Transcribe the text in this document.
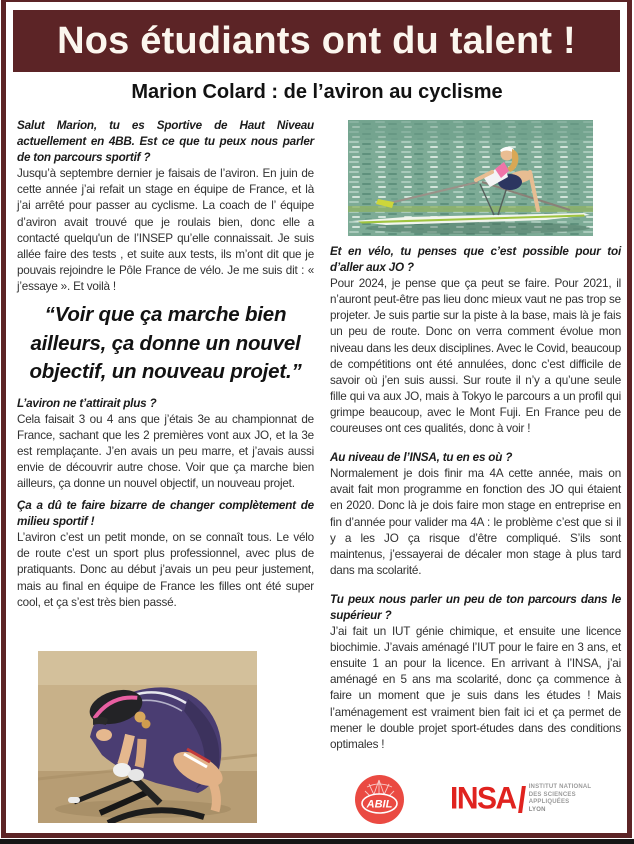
Nos étudiants ont du talent !
Marion Colard : de l’aviron au cyclisme

Salut Marion, tu es Sportive de Haut Niveau actuellement en 4BB. Est ce que tu peux nous parler de ton parcours sportif ?

Jusqu’à septembre dernier je faisais de l’aviron. En juin de cette année j’ai refait un stage en équipe de France, et là j’ai arrêté pour passer au cyclisme. La coach de l’ équipe d’aviron avait trouvé que je roulais bien, donc elle a contacté quelqu'un de l’INSEP qu’elle connaissait. Je suis allée faire des tests , et suite aux tests, ils m’ont dit que je pouvais rejoindre le Pôle France de vélo. Je me suis dit : « j’essaye ». Et voilà !

“Voir que ça marche bien ailleurs, ça donne un nouvel objectif, un nouveau projet.”

L’aviron ne t’attirait plus ?

Cela faisait 3 ou 4 ans que j’étais 3e au championnat de France, sachant que les 2 premières vont aux JO, et la 3e est remplaçante. J’en avais un peu marre, et j’avais aussi envie de découvrir autre chose. Voir que ça marche bien ailleurs, ça donne un nouvel objectif, un nouveau projet.

Ça a dû te faire bizarre de changer complètement de milieu sportif !

L’aviron c’est un petit monde, on se connaît tous. Le vélo de route c’est un sport plus professionnel, avec plus de pratiquants. Donc au début j’avais un peu peur justement, mais au final en équipe de France les filles ont été super cool, et ça s’est très bien passé.

Et en vélo, tu penses que c’est possible pour toi d’aller aux JO ?

Pour 2024, je pense que ça peut se faire. Pour 2021, il n’auront peut-être pas lieu donc mieux vaut ne pas trop se projeter. Je suis partie sur la piste à la base, mais là je fais un peu de route. Donc on verra comment évolue mon niveau dans les deux disciplines. Avec le Covid, beaucoup de compétitions ont été annulées, donc c’est difficile de savoir où j’en suis aussi. Sur route il n’y a qu’une seule fille qui va aux JO, mais à Tokyo le parcours a un profil qui grimpe beaucoup, avec le Mont Fuji. En France peu de coureuses ont ces qualités, donc à voir !

Au niveau de l’INSA, tu en es où ?

Normalement je dois finir ma 4A cette année, mais on avait fait mon programme en fonction des JO qui étaient en 2020. Donc là je dois faire mon stage en entreprise en fin d’année pour valider ma 4A : le problème c’est que si il y a les JO ça risque d’être compliqué. S’ils sont maintenus, j’essayerai de décaler mon stage à plus tard dans ma scolarité.

Tu peux nous parler un peu de ton parcours dans le supérieur ?

J’ai fait un IUT génie chimique, et ensuite une licence biochimie. J’avais aménagé l’IUT pour le faire en 3 ans, et ensuite 1 an pour la licence. En arrivant à l’INSA, j’ai aménagé en 5 ans ma scolarité, donc ça commence à faire un moment que je suis dans les études ! Mais l’aménagement est vraiment bien fait ici et ça permet de mener le double projet sport-études dans des conditions optimales !

ABIL INSA INSTITUT NATIONAL
DES SCIENCES
APPLIQUÉES
LYON
